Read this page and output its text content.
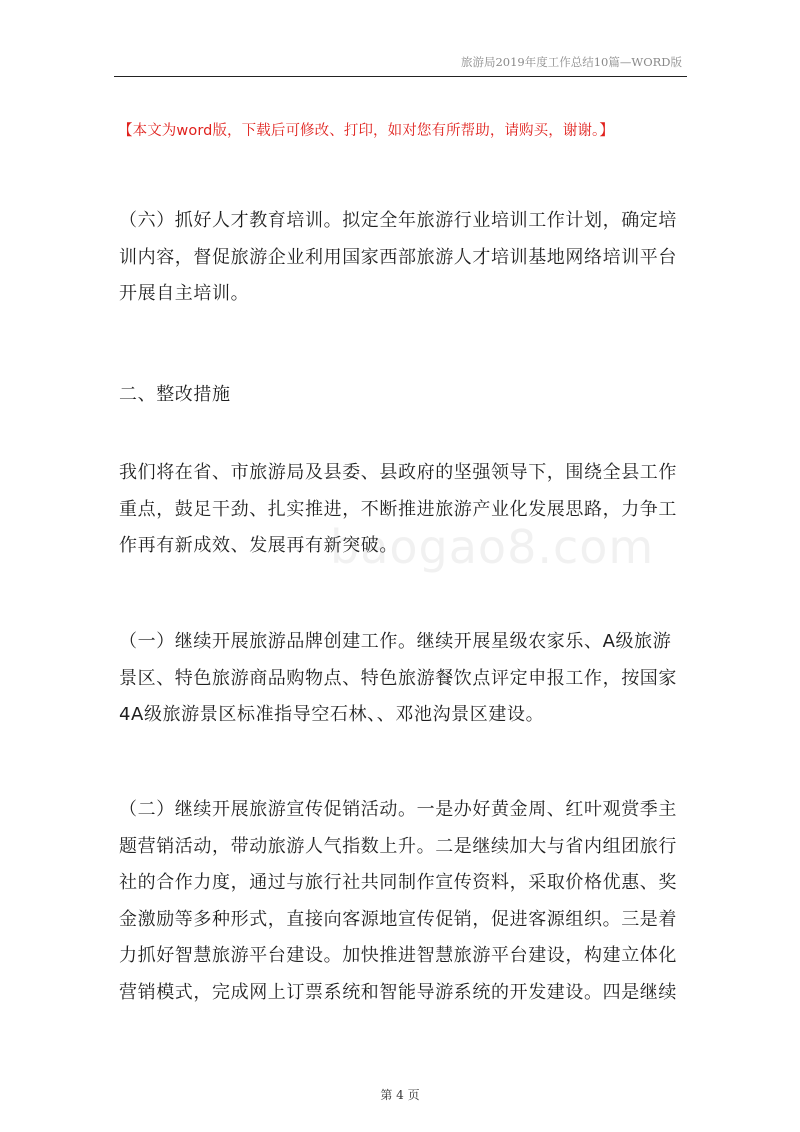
旅游局2019年度工作总结10篇—WORD版
【本文为word版，下载后可修改、打印，如对您有所帮助，请购买，谢谢。】
baogao8.com
（六）抓好人才教育培训。拟定全年旅游行业培训工作计划，确定培
训内容，督促旅游企业利用国家西部旅游人才培训基地网络培训平台
开展自主培训。
二、整改措施
我们将在省、市旅游局及县委、县政府的坚强领导下，围绕全县工作
重点，鼓足干劲、扎实推进，不断推进旅游产业化发展思路，力争工
作再有新成效、发展再有新突破。
（一）继续开展旅游品牌创建工作。继续开展星级农家乐、A级旅游
景区、特色旅游商品购物点、特色旅游餐饮点评定申报工作，按国家
4A级旅游景区标准指导空石林、、邓池沟景区建设。
（二）继续开展旅游宣传促销活动。一是办好黄金周、红叶观赏季主
题营销活动，带动旅游人气指数上升。二是继续加大与省内组团旅行
社的合作力度，通过与旅行社共同制作宣传资料，采取价格优惠、奖
金激励等多种形式，直接向客源地宣传促销，促进客源组织。三是着
力抓好智慧旅游平台建设。加快推进智慧旅游平台建设，构建立体化
营销模式，完成网上订票系统和智能导游系统的开发建设。四是继续
第 4 页
